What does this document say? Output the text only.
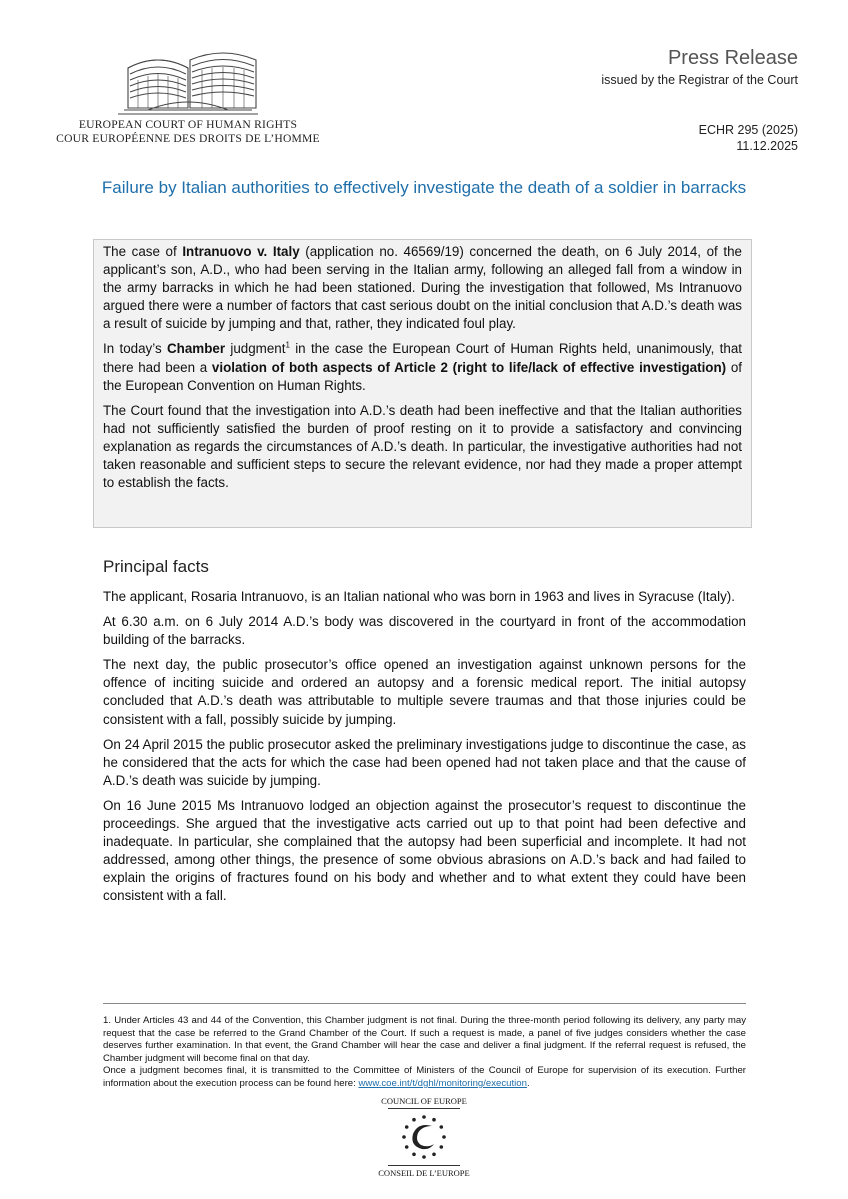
EUROPEAN COURT OF HUMAN RIGHTS
COUR EUROPÉENNE DES DROITS DE L’HOMME
Press Release
issued by the Registrar of the Court
ECHR 295 (2025)
11.12.2025
Failure by Italian authorities to effectively investigate the death of a soldier in barracks

The case of Intranuovo v. Italy (application no. 46569/19) concerned the death, on 6 July 2014, of the applicant’s son, A.D., who had been serving in the Italian army, following an alleged fall from a window in the army barracks in which he had been stationed. During the investigation that followed, Ms Intranuovo argued there were a number of factors that cast serious doubt on the initial conclusion that A.D.’s death was a result of suicide by jumping and that, rather, they indicated foul play.

In today’s Chamber judgment$^1$ in the case the European Court of Human Rights held, unanimously, that there had been a violation of both aspects of Article 2 (right to life/lack of effective investigation) of the European Convention on Human Rights.

The Court found that the investigation into A.D.’s death had been ineffective and that the Italian authorities had not sufficiently satisfied the burden of proof resting on it to provide a satisfactory and convincing explanation as regards the circumstances of A.D.’s death. In particular, the investigative authorities had not taken reasonable and sufficient steps to secure the relevant evidence, nor had they made a proper attempt to establish the facts.

Principal facts

The applicant, Rosaria Intranuovo, is an Italian national who was born in 1963 and lives in Syracuse (Italy).

At 6.30 a.m. on 6 July 2014 A.D.’s body was discovered in the courtyard in front of the accommodation building of the barracks.

The next day, the public prosecutor’s office opened an investigation against unknown persons for the offence of inciting suicide and ordered an autopsy and a forensic medical report. The initial autopsy concluded that A.D.’s death was attributable to multiple severe traumas and that those injuries could be consistent with a fall, possibly suicide by jumping.

On 24 April 2015 the public prosecutor asked the preliminary investigations judge to discontinue the case, as he considered that the acts for which the case had been opened had not taken place and that the cause of A.D.’s death was suicide by jumping.

On 16 June 2015 Ms Intranuovo lodged an objection against the prosecutor’s request to discontinue the proceedings. She argued that the investigative acts carried out up to that point had been defective and inadequate. In particular, she complained that the autopsy had been superficial and incomplete. It had not addressed, among other things, the presence of some obvious abrasions on A.D.’s back and had failed to explain the origins of fractures found on his body and whether and to what extent they could have been consistent with a fall.

1. Under Articles 43 and 44 of the Convention, this Chamber judgment is not final. During the three-month period following its delivery, any party may request that the case be referred to the Grand Chamber of the Court. If such a request is made, a panel of five judges considers whether the case deserves further examination. In that event, the Grand Chamber will hear the case and deliver a final judgment. If the referral request is refused, the Chamber judgment will become final on that day.

Once a judgment becomes final, it is transmitted to the Committee of Ministers of the Council of Europe for supervision of its execution. Further information about the execution process can be found here: www.coe.int/t/dghl/monitoring/execution.

COUNCIL OF EUROPE
CONSEIL DE L’EUROPE
